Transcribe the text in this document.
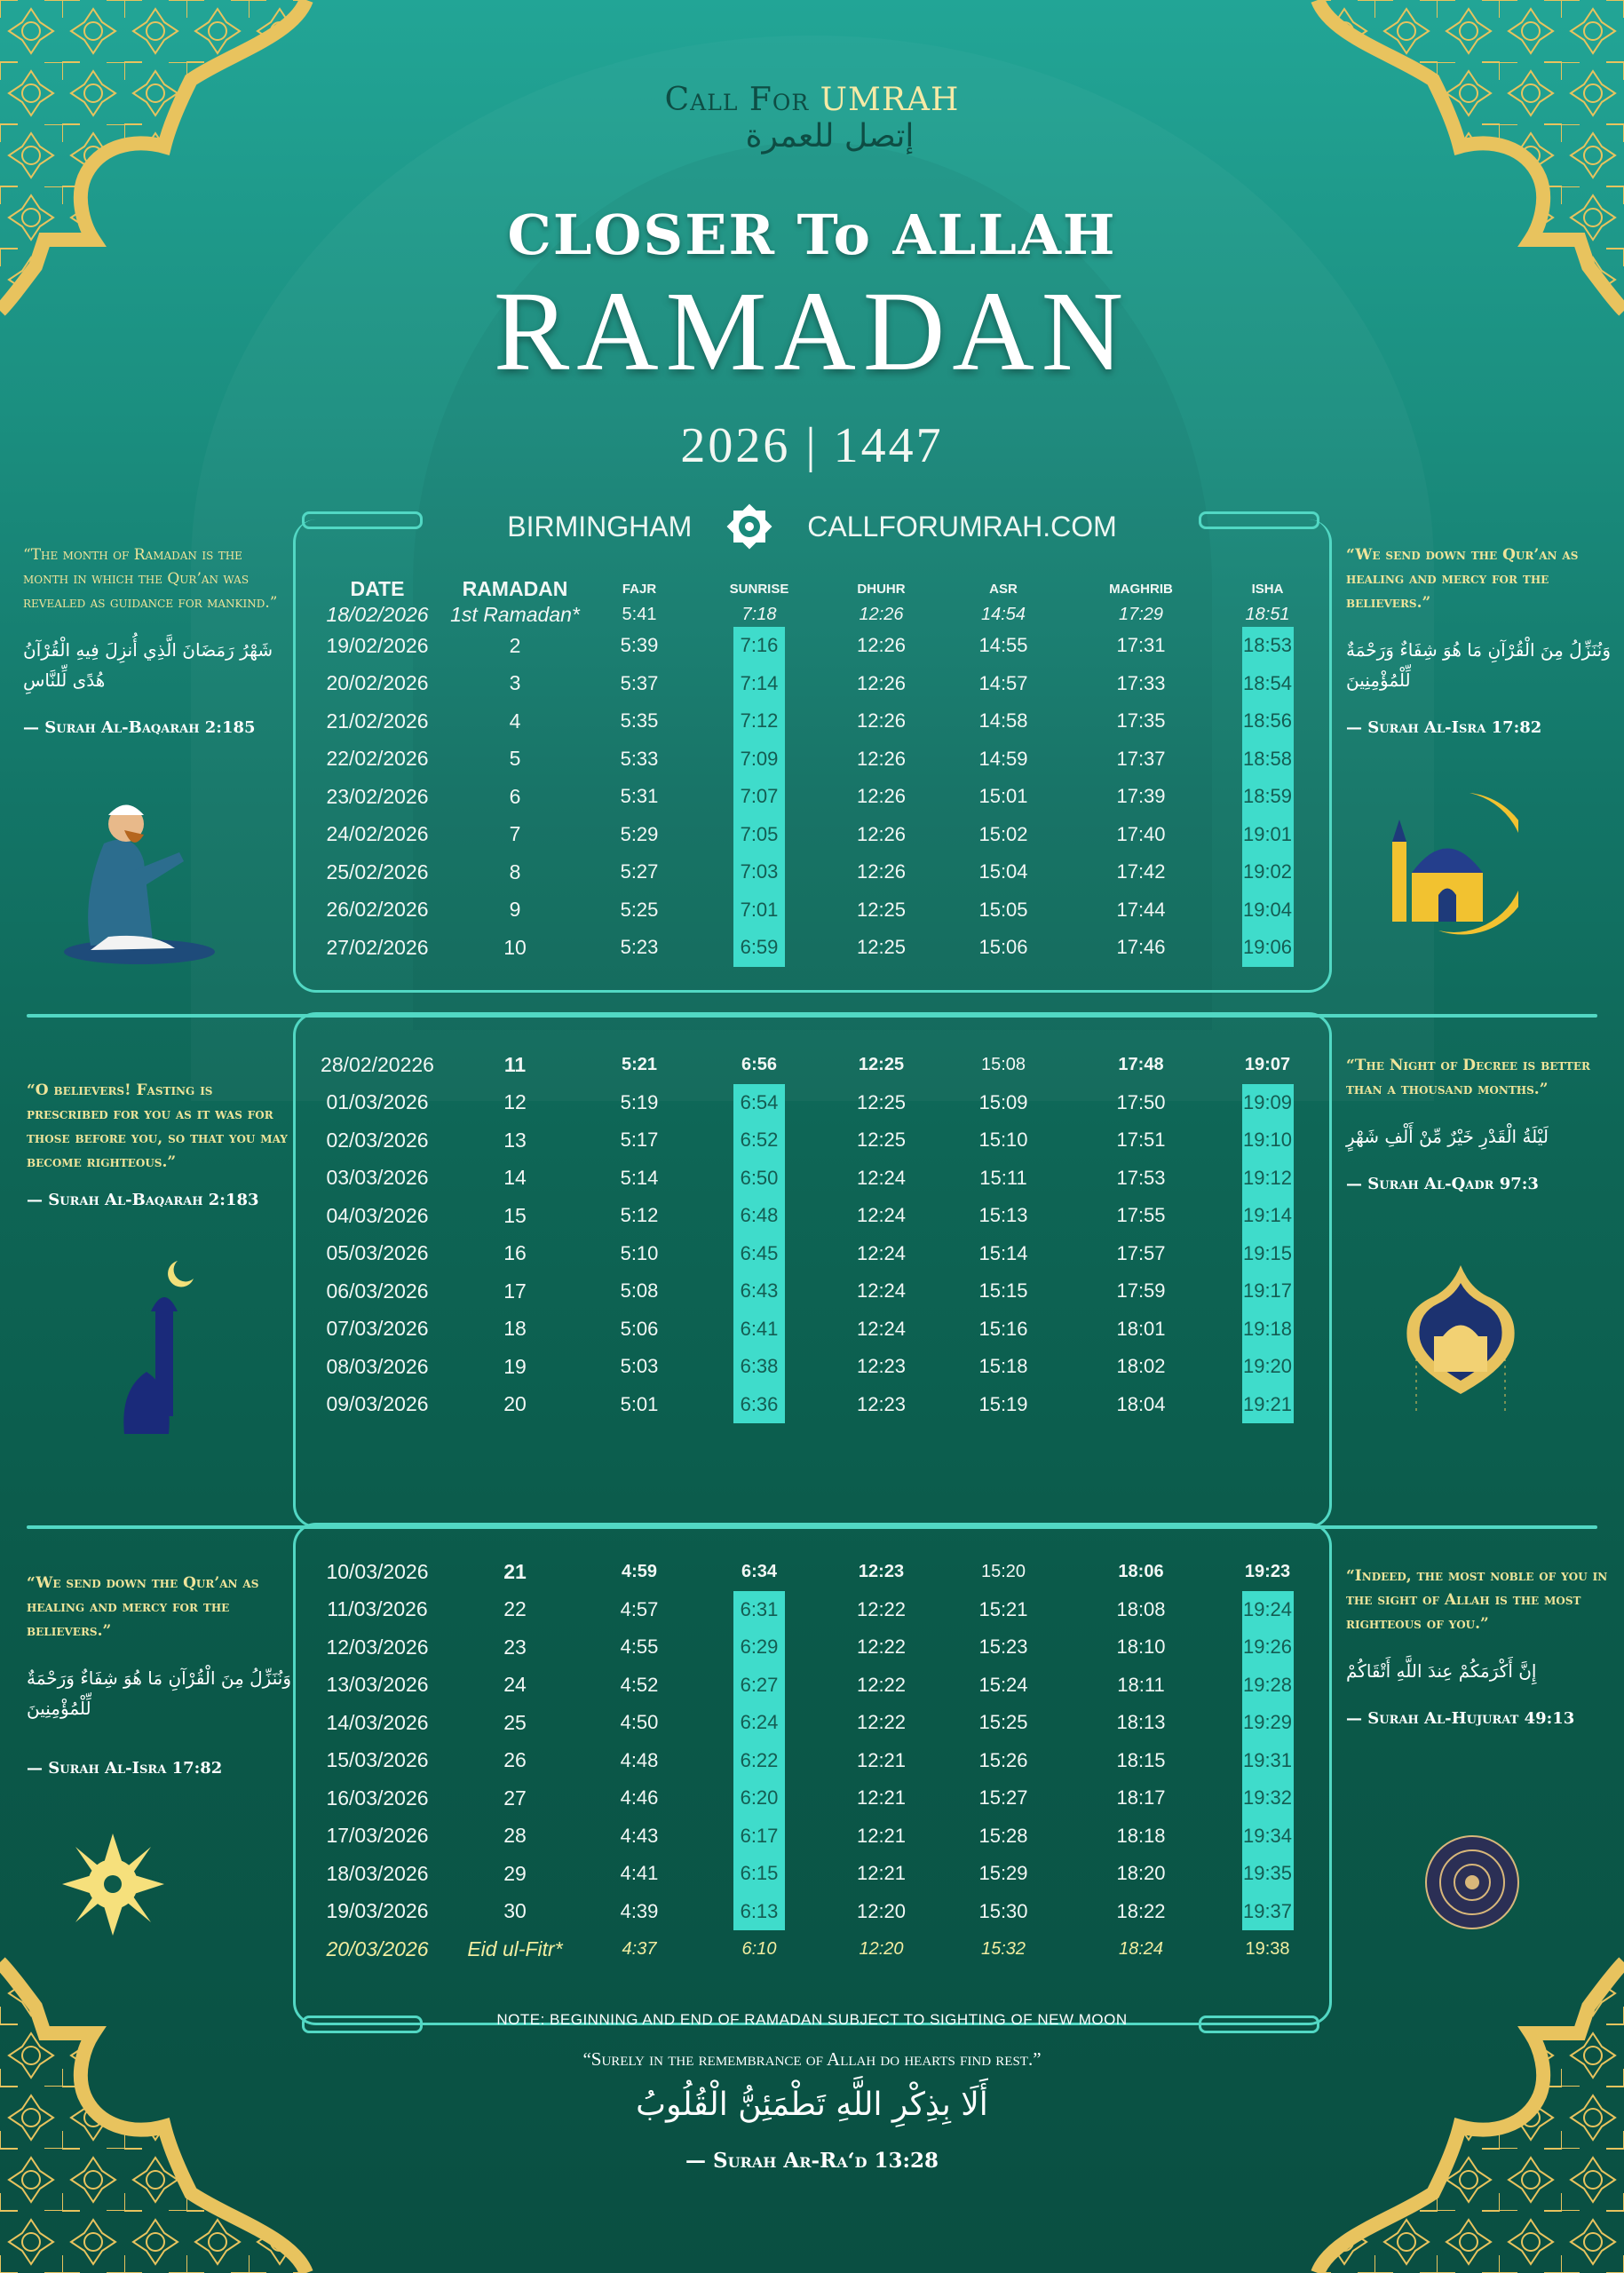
Call For UMRAH
إتصل للعمرة
CLOSER To ALLAH
RAMADAN
2026 | 1447
BIRMINGHAM	CALLFORUMRAH.COM
DATE	RAMADAN	FAJR	SUNRISE	DHUHR	ASR	MAGHRIB	ISHA
18/02/2026	1st Ramadan*	5:41	7:18	12:26	14:54	17:29	18:51
19/02/2026	2	5:39	7:16	12:26	14:55	17:31	18:53
20/02/2026	3	5:37	7:14	12:26	14:57	17:33	18:54
21/02/2026	4	5:35	7:12	12:26	14:58	17:35	18:56
22/02/2026	5	5:33	7:09	12:26	14:59	17:37	18:58
23/02/2026	6	5:31	7:07	12:26	15:01	17:39	18:59
24/02/2026	7	5:29	7:05	12:26	15:02	17:40	19:01
25/02/2026	8	5:27	7:03	12:26	15:04	17:42	19:02
26/02/2026	9	5:25	7:01	12:25	15:05	17:44	19:04
27/02/2026	10	5:23	6:59	12:25	15:06	17:46	19:06
28/02/20226	11	5:21	6:56	12:25	15:08	17:48	19:07
01/03/2026	12	5:19	6:54	12:25	15:09	17:50	19:09
02/03/2026	13	5:17	6:52	12:25	15:10	17:51	19:10
03/03/2026	14	5:14	6:50	12:24	15:11	17:53	19:12
04/03/2026	15	5:12	6:48	12:24	15:13	17:55	19:14
05/03/2026	16	5:10	6:45	12:24	15:14	17:57	19:15
06/03/2026	17	5:08	6:43	12:24	15:15	17:59	19:17
07/03/2026	18	5:06	6:41	12:24	15:16	18:01	19:18
08/03/2026	19	5:03	6:38	12:23	15:18	18:02	19:20
09/03/2026	20	5:01	6:36	12:23	15:19	18:04	19:21
10/03/2026	21	4:59	6:34	12:23	15:20	18:06	19:23
11/03/2026	22	4:57	6:31	12:22	15:21	18:08	19:24
12/03/2026	23	4:55	6:29	12:22	15:23	18:10	19:26
13/03/2026	24	4:52	6:27	12:22	15:24	18:11	19:28
14/03/2026	25	4:50	6:24	12:22	15:25	18:13	19:29
15/03/2026	26	4:48	6:22	12:21	15:26	18:15	19:31
16/03/2026	27	4:46	6:20	12:21	15:27	18:17	19:32
17/03/2026	28	4:43	6:17	12:21	15:28	18:18	19:34
18/03/2026	29	4:41	6:15	12:21	15:29	18:20	19:35
19/03/2026	30	4:39	6:13	12:20	15:30	18:22	19:37
20/03/2026	Eid ul-Fitr*	4:37	6:10	12:20	15:32	18:24	19:38
“The month of Ramadan is the month in which the Qur’an was revealed as guidance for mankind.”
شَهْرُ رَمَضَانَ الَّذِي أُنزِلَ فِيهِ الْقُرْآنُ هُدًى لِّلنَّاسِ
— Surah Al-Baqarah 2:185
“We send down the Qur’an as healing and mercy for the believers.”
وَنُنَزِّلُ مِنَ الْقُرْآنِ مَا هُوَ شِفَاءٌ وَرَحْمَةٌ لِّلْمُؤْمِنِينَ
— Surah Al-Isra 17:82
“O believers! Fasting is prescribed for you as it was for those before you, so that you may become righteous.”
— Surah Al-Baqarah 2:183
“The Night of Decree is better than a thousand months.”
لَيْلَةُ الْقَدْرِ خَيْرٌ مِّنْ أَلْفِ شَهْرٍ
— Surah Al-Qadr 97:3
“We send down the Qur’an as healing and mercy for the believers.”
وَنُنَزِّلُ مِنَ الْقُرْآنِ مَا هُوَ شِفَاءٌ وَرَحْمَةٌ لِّلْمُؤْمِنِينَ
— Surah Al-Isra 17:82
“Indeed, the most noble of you in the sight of Allah is the most righteous of you.”
إِنَّ أَكْرَمَكُمْ عِندَ اللَّهِ أَتْقَاكُمْ
— Surah Al-Hujurat 49:13
NOTE: BEGINNING AND END OF RAMADAN SUBJECT TO SIGHTING OF NEW MOON
“Surely in the remembrance of Allah do hearts find rest.”
أَلَا بِذِكْرِ اللَّهِ تَطْمَئِنُّ الْقُلُوبُ
— Surah Ar-Ra‘d 13:28
